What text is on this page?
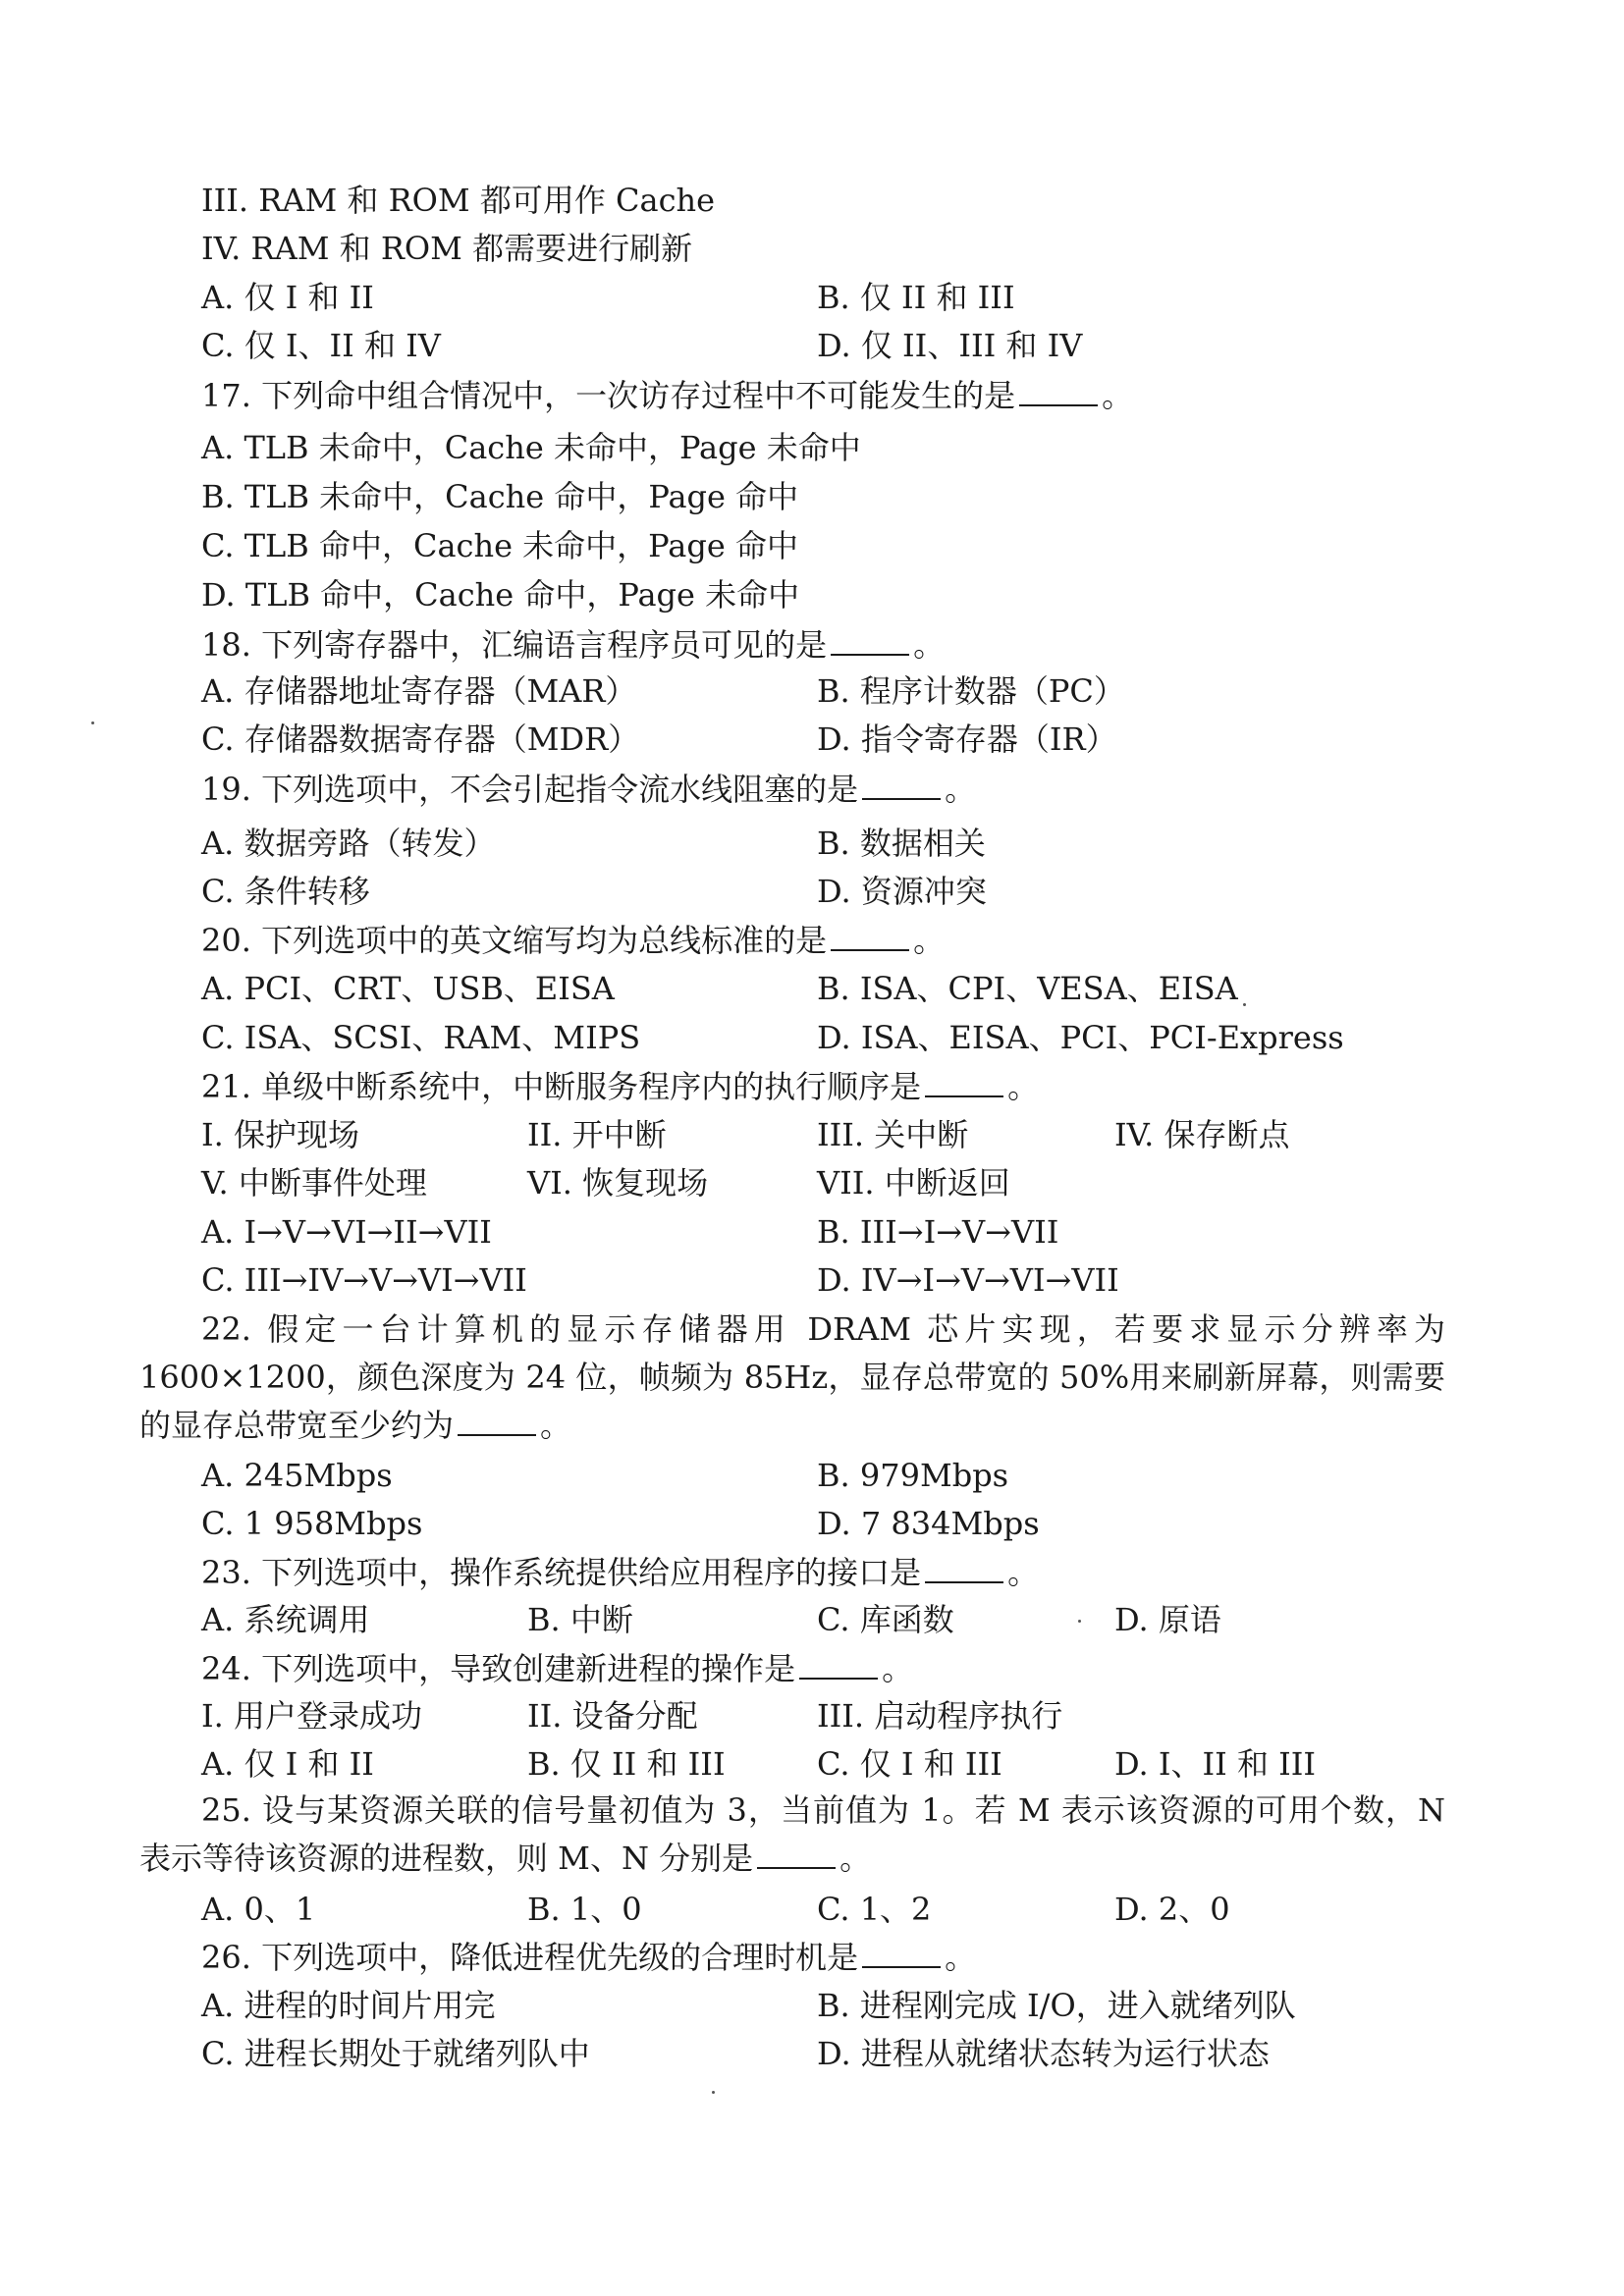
III. RAM 和 ROM 都可用作 Cache
IV. RAM 和 ROM 都需要进行刷新
A. 仅 I 和 II	B. 仅 II 和 III
C. 仅 I、II 和 IV	D. 仅 II、III 和 IV
17. 下列命中组合情况中，一次访存过程中不可能发生的是	。
A. TLB 未命中，Cache 未命中，Page 未命中
B. TLB 未命中，Cache 命中，Page 命中
C. TLB 命中，Cache 未命中，Page 命中
D. TLB 命中，Cache 命中，Page 未命中
18. 下列寄存器中，汇编语言程序员可见的是	。
A. 存储器地址寄存器（MAR）	B. 程序计数器（PC）
C. 存储器数据寄存器（MDR）	D. 指令寄存器（IR）
19. 下列选项中，不会引起指令流水线阻塞的是	。
A. 数据旁路（转发）	B. 数据相关
C. 条件转移	D. 资源冲突
20. 下列选项中的英文缩写均为总线标准的是	。
A. PCI、CRT、USB、EISA	B. ISA、CPI、VESA、EISA
C. ISA、SCSI、RAM、MIPS	D. ISA、EISA、PCI、PCI-Express
21. 单级中断系统中，中断服务程序内的执行顺序是	。
I. 保护现场	II. 开中断	III. 关中断	IV. 保存断点
V. 中断事件处理	VI. 恢复现场	VII. 中断返回
A. I→V→VI→II→VII	B. III→I→V→VII
C. III→IV→V→VI→VII	D. IV→I→V→VI→VII
22. 假定一台计算机的显示存储器用 DRAM 芯片实现，若要求显示分辨率为 1600×1200，颜色深度为 24 位，帧频为 85Hz，显存总带宽的 50%用来刷新屏幕，则需要的显存总带宽至少约为	。
A. 245Mbps	B. 979Mbps
C. 1 958Mbps	D. 7 834Mbps
23. 下列选项中，操作系统提供给应用程序的接口是	。
A. 系统调用	B. 中断	C. 库函数	D. 原语
24. 下列选项中，导致创建新进程的操作是	。
I. 用户登录成功	II. 设备分配	III. 启动程序执行
A. 仅 I 和 II	B. 仅 II 和 III	C. 仅 I 和 III	D. I、II 和 III
25. 设与某资源关联的信号量初值为 3，当前值为 1。若 M 表示该资源的可用个数，N 表示等待该资源的进程数，则 M、N 分别是	。
A. 0、1	B. 1、0	C. 1、2	D. 2、0
26. 下列选项中，降低进程优先级的合理时机是	。
A. 进程的时间片用完	B. 进程刚完成 I/O，进入就绪列队
C. 进程长期处于就绪列队中	D. 进程从就绪状态转为运行状态
